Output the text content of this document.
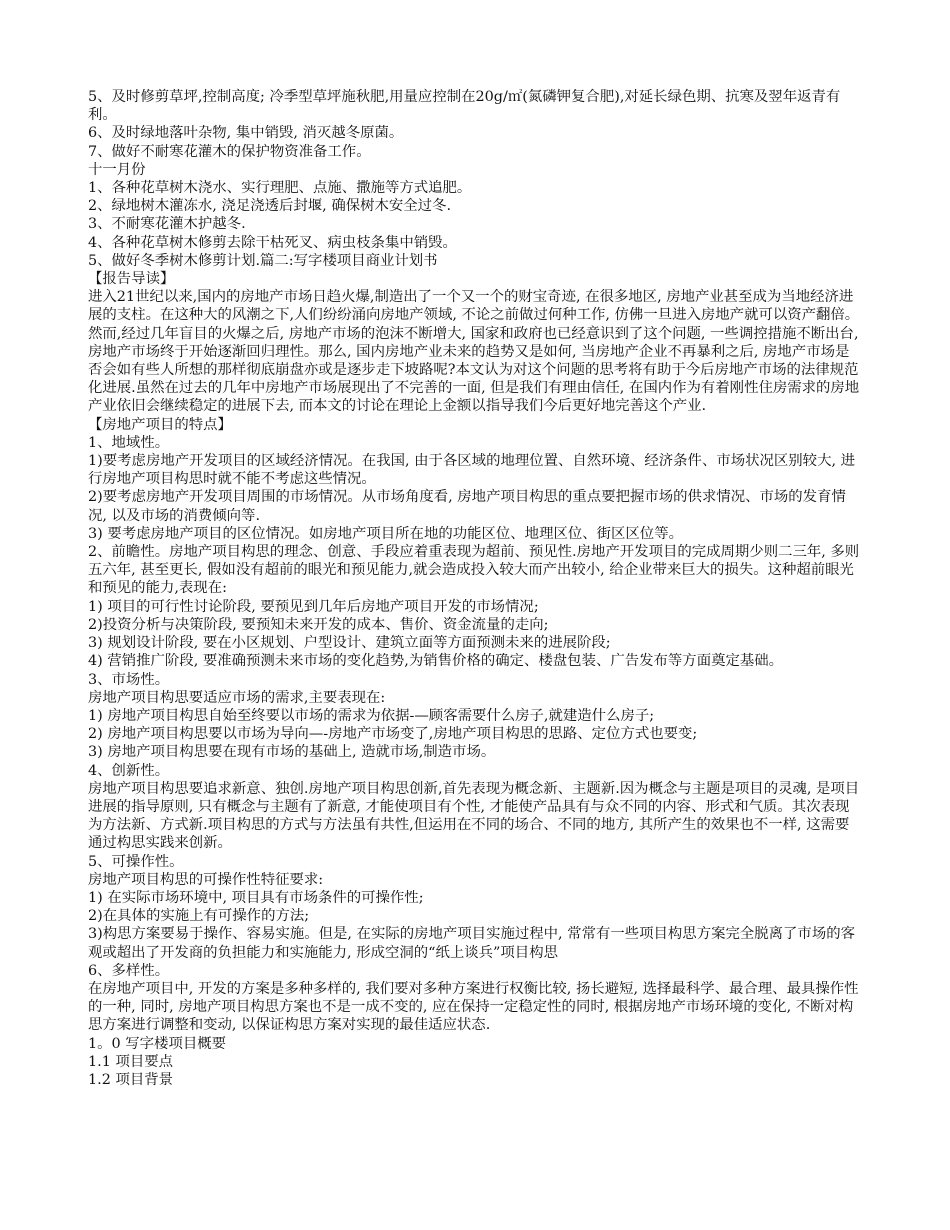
5、及时修剪草坪,控制高度; 冷季型草坪施秋肥,用量应控制在20g/㎡(氮磷钾复合肥),对延长绿色期、抗寒及翌年返青有利。

6、及时绿地落叶杂物, 集中销毁, 消灭越冬原菌。

7、做好不耐寒花灌木的保护物资准备工作。

十一月份

1、各种花草树木浇水、实行理肥、点施、撒施等方式追肥。

2、绿地树木灌冻水, 浇足浇透后封堰, 确保树木安全过冬.

3、不耐寒花灌木护越冬.

4、各种花草树木修剪去除干枯死叉、病虫枝条集中销毁。

5、做好冬季树木修剪计划.篇二:写字楼项目商业计划书

【报告导读】

进入21世纪以来,国内的房地产市场日趋火爆,制造出了一个又一个的财宝奇迹, 在很多地区, 房地产业甚至成为当地经济进展的支柱。在这种大的风潮之下,人们纷纷涌向房地产领域, 不论之前做过何种工作, 仿佛一旦进入房地产就可以资产翻倍。然而,经过几年盲目的火爆之后, 房地产市场的泡沫不断增大, 国家和政府也已经意识到了这个问题, 一些调控措施不断出台,房地产市场终于开始逐渐回归理性。那么, 国内房地产业未来的趋势又是如何, 当房地产企业不再暴利之后, 房地产市场是否会如有些人所想的那样彻底崩盘亦或是逐步走下坡路呢?本文认为对这个问题的思考将有助于今后房地产市场的法律规范化进展.虽然在过去的几年中房地产市场展现出了不完善的一面, 但是我们有理由信任, 在国内作为有着刚性住房需求的房地产业依旧会继续稳定的进展下去, 而本文的讨论在理论上金额以指导我们今后更好地完善这个产业.

【房地产项目的特点】

1、地域性。

1)要考虑房地产开发项目的区域经济情况。在我国, 由于各区域的地理位置、自然环境、经济条件、市场状况区别较大, 进行房地产项目构思时就不能不考虑这些情况。

2)要考虑房地产开发项目周围的市场情况。从市场角度看, 房地产项目构思的重点要把握市场的供求情况、市场的发育情况, 以及市场的消费倾向等.

3) 要考虑房地产项目的区位情况。如房地产项目所在地的功能区位、地理区位、街区区位等。

2、前瞻性。房地产项目构思的理念、创意、手段应着重表现为超前、预见性.房地产开发项目的完成周期少则二三年, 多则五六年, 甚至更长, 假如没有超前的眼光和预见能力,就会造成投入较大而产出较小, 给企业带来巨大的损失。这种超前眼光和预见的能力,表现在:

1) 项目的可行性讨论阶段, 要预见到几年后房地产项目开发的市场情况;

2)投资分析与决策阶段, 要预知未来开发的成本、售价、资金流量的走向;

3) 规划设计阶段, 要在小区规划、户型设计、建筑立面等方面预测未来的进展阶段;

4) 营销推广阶段, 要准确预测未来市场的变化趋势,为销售价格的确定、楼盘包装、广告发布等方面奠定基础。

3、市场性。

房地产项目构思要适应市场的需求,主要表现在:

1) 房地产项目构思自始至终要以市场的需求为依据-—顾客需要什么房子,就建造什么房子;

2) 房地产项目构思要以市场为导向—-房地产市场变了,房地产项目构思的思路、定位方式也要变;

3) 房地产项目构思要在现有市场的基础上, 造就市场,制造市场。

4、创新性。

房地产项目构思要追求新意、独创.房地产项目构思创新,首先表现为概念新、主题新.因为概念与主题是项目的灵魂, 是项目进展的指导原则, 只有概念与主题有了新意, 才能使项目有个性, 才能使产品具有与众不同的内容、形式和气质。其次表现为方法新、方式新.项目构思的方式与方法虽有共性,但运用在不同的场合、不同的地方, 其所产生的效果也不一样, 这需要通过构思实践来创新。

5、可操作性。

房地产项目构思的可操作性特征要求:

1) 在实际市场环境中, 项目具有市场条件的可操作性;

2)在具体的实施上有可操作的方法;

3)构思方案要易于操作、容易实施。但是, 在实际的房地产项目实施过程中, 常常有一些项目构思方案完全脱离了市场的客观或超出了开发商的负担能力和实施能力, 形成空洞的“纸上谈兵”项目构思

6、多样性。

在房地产项目中, 开发的方案是多种多样的, 我们要对多种方案进行权衡比较, 扬长避短, 选择最科学、最合理、最具操作性的一种, 同时, 房地产项目构思方案也不是一成不变的, 应在保持一定稳定性的同时, 根据房地产市场环境的变化, 不断对构思方案进行调整和变动, 以保证构思方案对实现的最佳适应状态.

1。0 写字楼项目概要

1.1 项目要点

1.2 项目背景
